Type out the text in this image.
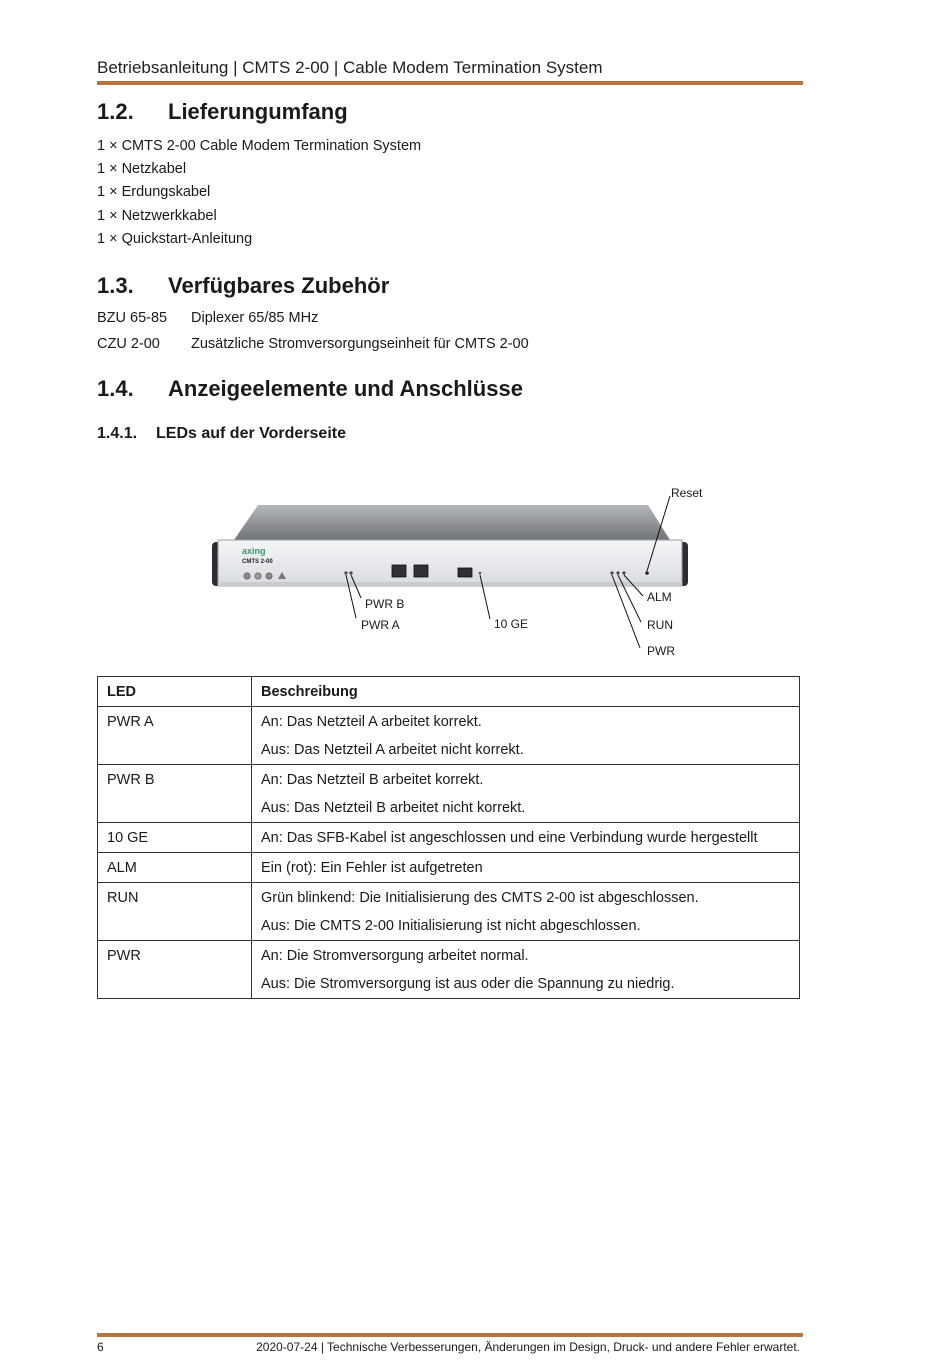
Betriebsanleitung | CMTS 2-00 | Cable Modem Termination System
1.2. Lieferungumfang
1 × CMTS 2-00 Cable Modem Termination System
1 × Netzkabel
1 × Erdungskabel
1 × Netzwerkkabel
1 × Quickstart-Anleitung
1.3. Verfügbares Zubehör
BZU 65-85 Diplexer 65/85 MHz
CZU 2-00 Zusätzliche Stromversorgungseinheit für CMTS 2-00
1.4. Anzeigeelemente und Anschlüsse
1.4.1. LEDs auf der Vorderseite
axing
CMTS 2-00
Reset
PWR B
PWR A	10 GE
ALM
RUN
PWR
LED	Beschreibung
PWR A	An: Das Netzteil A arbeitet korrekt.
Aus: Das Netzteil A arbeitet nicht korrekt.

PWR B	An: Das Netzteil B arbeitet korrekt.
Aus: Das Netzteil B arbeitet nicht korrekt.

10 GE	An: Das SFB-Kabel ist angeschlossen und eine Verbindung wurde hergestellt

ALM	Ein (rot): Ein Fehler ist aufgetreten

RUN	Grün blinkend: Die Initialisierung des CMTS 2-00 ist abgeschlossen.
Aus: Die CMTS 2-00 Initialisierung ist nicht abgeschlossen.

PWR	An: Die Stromversorgung arbeitet normal.
Aus: Die Stromversorgung ist aus oder die Spannung zu niedrig.
6	2020-07-24 | Technische Verbesserungen, Änderungen im Design, Druck- und andere Fehler erwartet.
